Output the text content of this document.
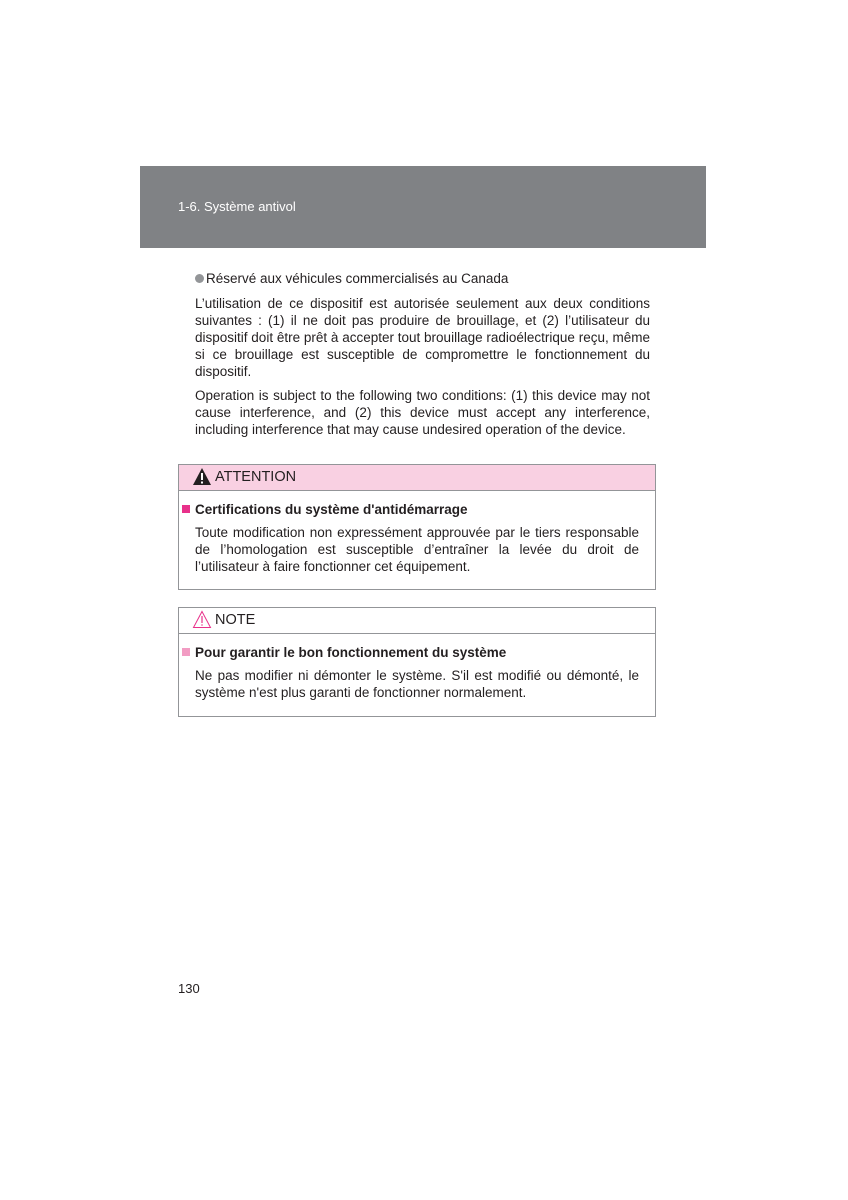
1-6. Système antivol
Réservé aux véhicules commercialisés au Canada

L’utilisation de ce dispositif est autorisée seulement aux deux conditions suivantes : (1) il ne doit pas produire de brouillage, et (2) l’utilisateur du dispositif doit être prêt à accepter tout brouillage radioélectrique reçu, même si ce brouillage est susceptible de compromettre le fonctionnement du dispositif.

Operation is subject to the following two conditions: (1) this device may not cause interference, and (2) this device must accept any interference, including interference that may cause undesired operation of the device.

ATTENTION
Certifications du système d'antidémarrage

Toute modification non expressément approuvée par le tiers responsable de l’homologation est susceptible d’entraîner la levée du droit de l’utilisateur à faire fonctionner cet équipement.

NOTE
Pour garantir le bon fonctionnement du système

Ne pas modifier ni démonter le système. S'il est modifié ou démonté, le système n'est plus garanti de fonctionner normalement.

130
